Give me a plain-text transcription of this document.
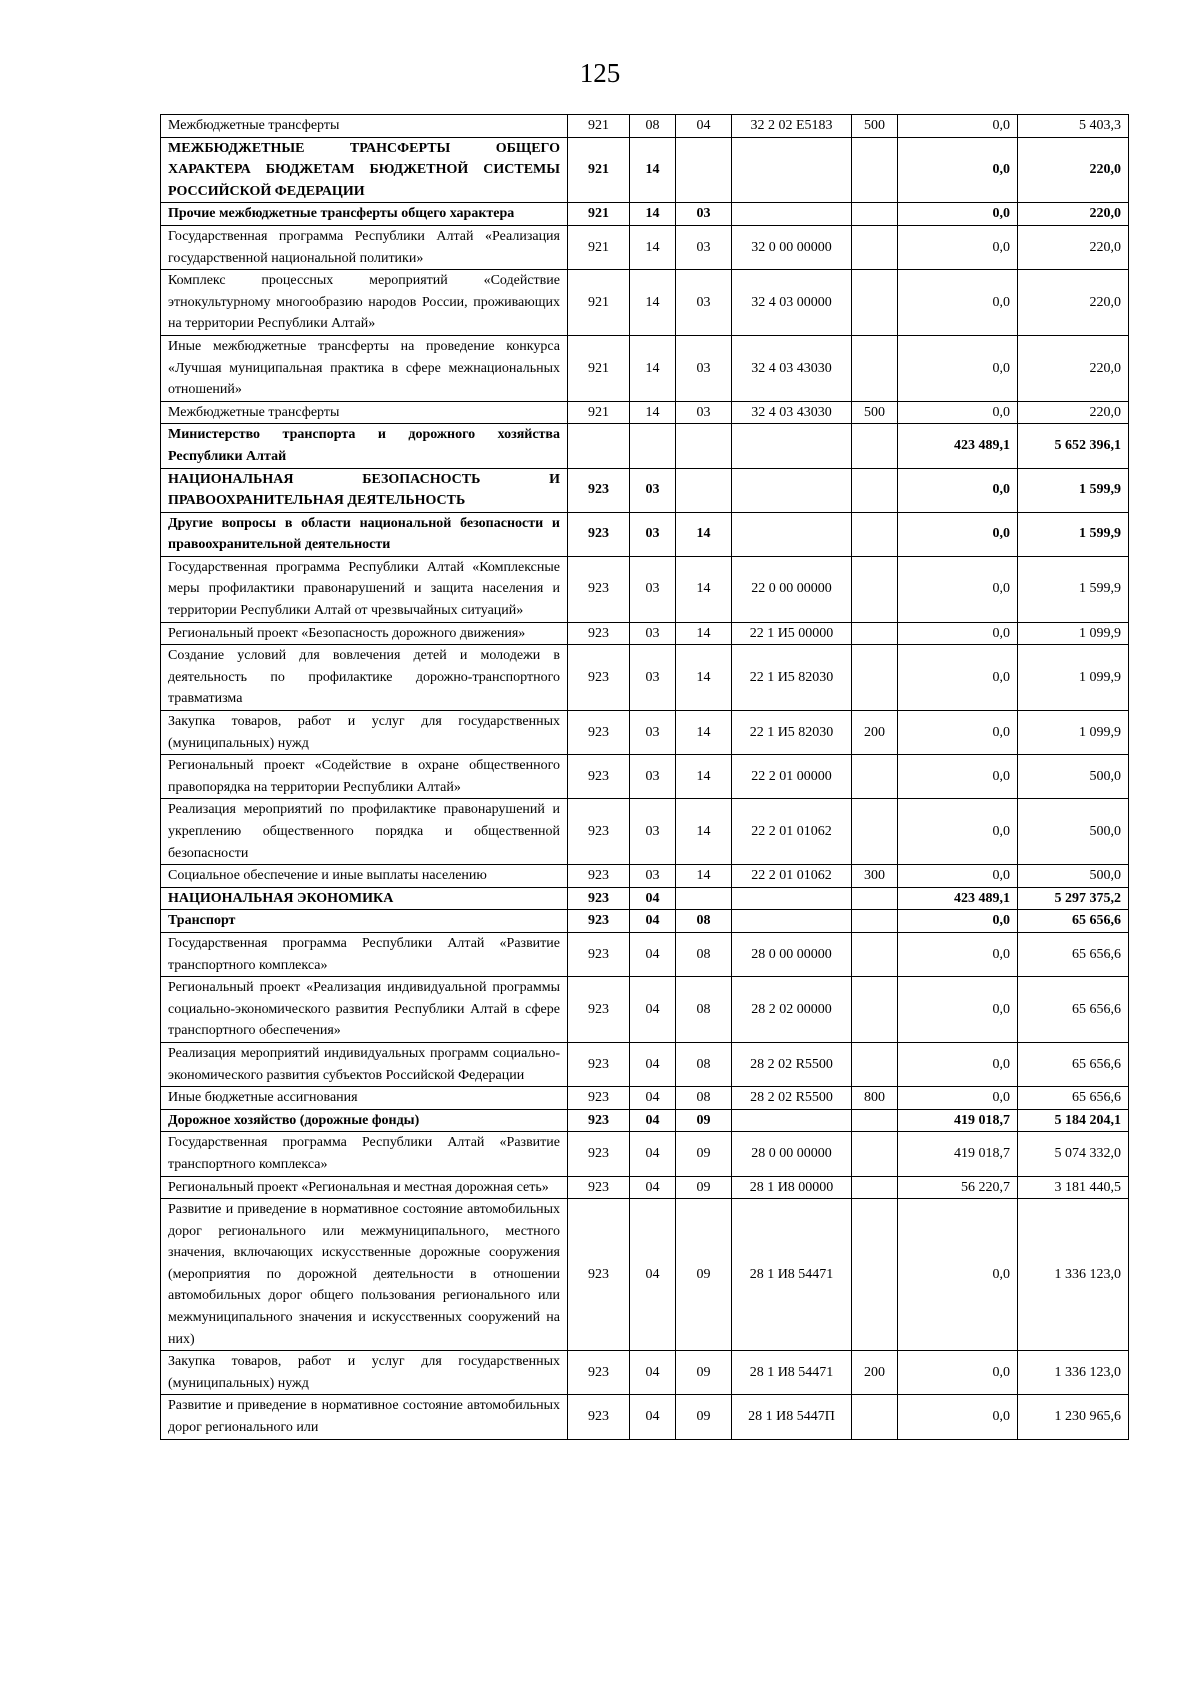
125
Межбюджетные трансферты	921	08	04	32 2 02 E5183	500	0,0	5 403,3
МЕЖБЮДЖЕТНЫЕ ТРАНСФЕРТЫ ОБЩЕГО ХАРАКТЕРА БЮДЖЕТАМ БЮДЖЕТНОЙ СИСТЕМЫ РОССИЙСКОЙ ФЕДЕРАЦИИ	921	14				0,0	220,0
Прочие межбюджетные трансферты общего характера	921	14	03			0,0	220,0
Государственная программа Республики Алтай «Реализация государственной национальной политики»	921	14	03	32 0 00 00000		0,0	220,0
Комплекс процессных мероприятий «Содействие этнокультурному многообразию народов России, проживающих на территории Республики Алтай»	921	14	03	32 4 03 00000		0,0	220,0
Иные межбюджетные трансферты на проведение конкурса «Лучшая муниципальная практика в сфере межнациональных отношений»	921	14	03	32 4 03 43030		0,0	220,0
Межбюджетные трансферты	921	14	03	32 4 03 43030	500	0,0	220,0
Министерство транспорта и дорожного хозяйства Республики Алтай						423 489,1	5 652 396,1
НАЦИОНАЛЬНАЯ БЕЗОПАСНОСТЬ И ПРАВООХРАНИТЕЛЬНАЯ ДЕЯТЕЛЬНОСТЬ	923	03				0,0	1 599,9
Другие вопросы в области национальной безопасности и правоохранительной деятельности	923	03	14			0,0	1 599,9
Государственная программа Республики Алтай «Комплексные меры профилактики правонарушений и защита населения и территории Республики Алтай от чрезвычайных ситуаций»	923	03	14	22 0 00 00000		0,0	1 599,9
Региональный проект «Безопасность дорожного движения»	923	03	14	22 1 И5 00000		0,0	1 099,9
Создание условий для вовлечения детей и молодежи в деятельность по профилактике дорожно-транспортного травматизма	923	03	14	22 1 И5 82030		0,0	1 099,9
Закупка товаров, работ и услуг для государственных (муниципальных) нужд	923	03	14	22 1 И5 82030	200	0,0	1 099,9
Региональный проект «Содействие в охране общественного правопорядка на территории Республики Алтай»	923	03	14	22 2 01 00000		0,0	500,0
Реализация мероприятий по профилактике правонарушений и укреплению общественного порядка и общественной безопасности	923	03	14	22 2 01 01062		0,0	500,0
Социальное обеспечение и иные выплаты населению	923	03	14	22 2 01 01062	300	0,0	500,0
НАЦИОНАЛЬНАЯ ЭКОНОМИКА	923	04				423 489,1	5 297 375,2
Транспорт	923	04	08			0,0	65 656,6
Государственная программа Республики Алтай «Развитие транспортного комплекса»	923	04	08	28 0 00 00000		0,0	65 656,6
Региональный проект «Реализация индивидуальной программы социально-экономического развития Республики Алтай в сфере транспортного обеспечения»	923	04	08	28 2 02 00000		0,0	65 656,6
Реализация мероприятий индивидуальных программ социально-экономического развития субъектов Российской Федерации	923	04	08	28 2 02 R5500		0,0	65 656,6
Иные бюджетные ассигнования	923	04	08	28 2 02 R5500	800	0,0	65 656,6
Дорожное хозяйство (дорожные фонды)	923	04	09			419 018,7	5 184 204,1
Государственная программа Республики Алтай «Развитие транспортного комплекса»	923	04	09	28 0 00 00000		419 018,7	5 074 332,0
Региональный проект «Региональная и местная дорожная сеть»	923	04	09	28 1 И8 00000		56 220,7	3 181 440,5
Развитие и приведение в нормативное состояние автомобильных дорог регионального или межмуниципального, местного значения, включающих искусственные дорожные сооружения (мероприятия по дорожной деятельности в отношении автомобильных дорог общего пользования регионального или межмуниципального значения и искусственных сооружений на них)	923	04	09	28 1 И8 54471		0,0	1 336 123,0
Закупка товаров, работ и услуг для государственных (муниципальных) нужд	923	04	09	28 1 И8 54471	200	0,0	1 336 123,0
Развитие и приведение в нормативное состояние автомобильных дорог регионального или	923	04	09	28 1 И8 5447П		0,0	1 230 965,6
